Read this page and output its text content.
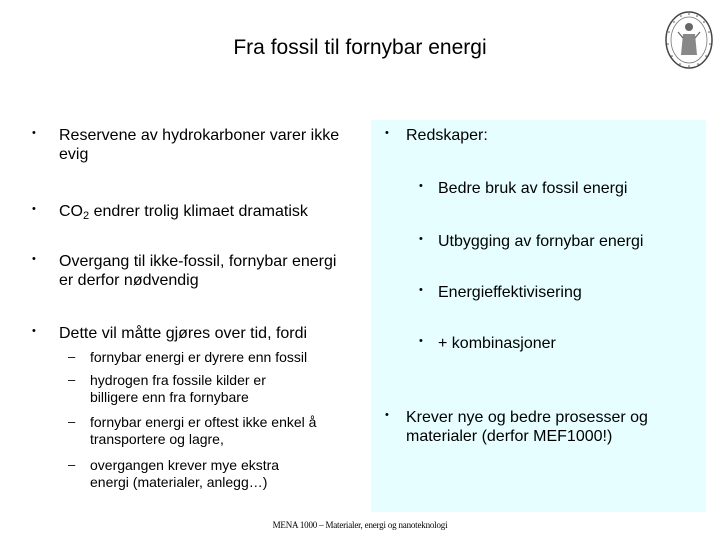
Fra fossil til fornybar energi
• Reservene av hydrokarboner varer ikke evig
• $CO_2$ endrer trolig klimaet dramatisk
• Overgang til ikke-fossil, fornybar energi er derfor nødvendig
• Dette vil måtte gjøres over tid, fordi
– fornybar energi er dyrere enn fossil
– hydrogen fra fossile kilder er billigere enn fra fornybare
– fornybar energi er oftest ikke enkel å transportere og lagre,
– overgangen krever mye ekstra energi (materialer, anlegg…)
• Redskaper:
• Bedre bruk av fossil energi
• Utbygging av fornybar energi
• Energieffektivisering
• + kombinasjoner
• Krever nye og bedre prosesser og materialer (derfor MEF1000!)
MENA 1000 – Materialer, energi og nanoteknologi
